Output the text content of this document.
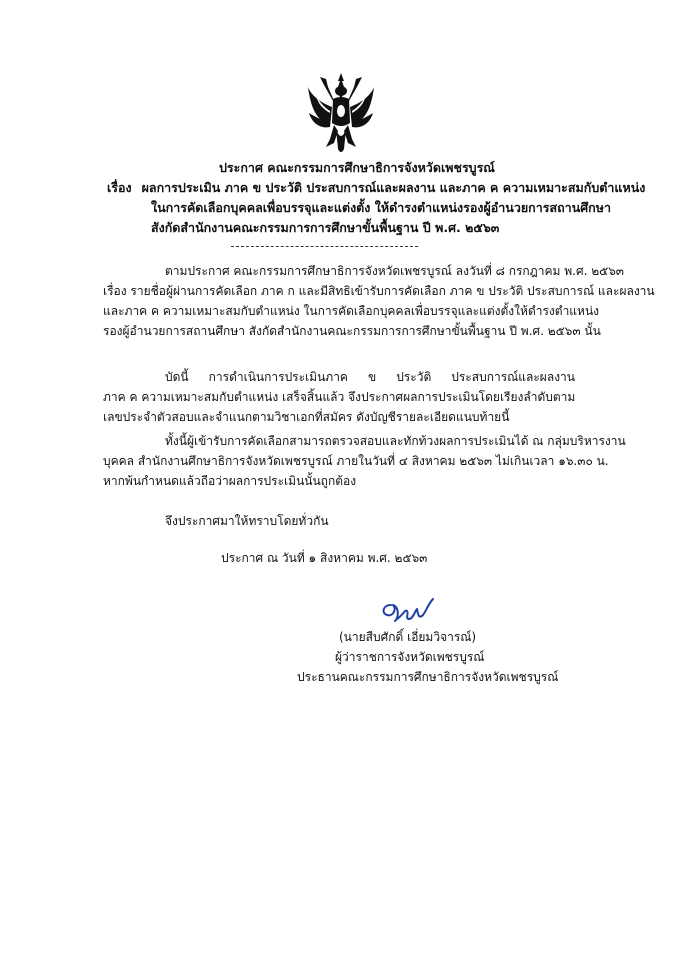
ประกาศ คณะกรรมการศึกษาธิการจังหวัดเพชรบูรณ์
เรื่อง ผลการประเมิน ภาค ข ประวัติ ประสบการณ์และผลงาน และภาค ค ความเหมาะสมกับตำแหน่ง
ในการคัดเลือกบุคคลเพื่อบรรจุและแต่งตั้ง ให้ดำรงตำแหน่งรองผู้อำนวยการสถานศึกษา
สังกัดสำนักงานคณะกรรมการการศึกษาขั้นพื้นฐาน ปี พ.ศ. ๒๕๖๓
ตามประกาศ คณะกรรมการศึกษาธิการจังหวัดเพชรบูรณ์ ลงวันที่ ๘ กรกฎาคม พ.ศ. ๒๕๖๓
เรื่อง รายชื่อผู้ผ่านการคัดเลือก ภาค ก และมีสิทธิเข้ารับการคัดเลือก ภาค ข ประวัติ ประสบการณ์ และผลงาน
และภาค ค ความเหมาะสมกับตำแหน่ง ในการคัดเลือกบุคคลเพื่อบรรจุและแต่งตั้งให้ดำรงตำแหน่ง
รองผู้อำนวยการสถานศึกษา สังกัดสำนักงานคณะกรรมการการศึกษาขั้นพื้นฐาน ปี พ.ศ. ๒๕๖๓ นั้น
บัดนี้ การดำเนินการประเมินภาค ข ประวัติ ประสบการณ์และผลงาน
ภาค ค ความเหมาะสมกับตำแหน่ง เสร็จสิ้นแล้ว จึงประกาศผลการประเมินโดยเรียงลำดับตาม
เลขประจำตัวสอบและจำแนกตามวิชาเอกที่สมัคร ดังบัญชีรายละเอียดแนบท้ายนี้
ทั้งนี้ผู้เข้ารับการคัดเลือกสามารถตรวจสอบและทักท้วงผลการประเมินได้ ณ กลุ่มบริหารงาน
บุคคล สำนักงานศึกษาธิการจังหวัดเพชรบูรณ์ ภายในวันที่ ๔ สิงหาคม ๒๕๖๓ ไม่เกินเวลา ๑๖.๓๐ น.
หากพ้นกำหนดแล้วถือว่าผลการประเมินนั้นถูกต้อง
จึงประกาศมาให้ทราบโดยทั่วกัน
ประกาศ ณ วันที่ ๑ สิงหาคม พ.ศ. ๒๕๖๓
(นายสืบศักดิ์ เอี่ยมวิจารณ์)
ผู้ว่าราชการจังหวัดเพชรบูรณ์
ประธานคณะกรรมการศึกษาธิการจังหวัดเพชรบูรณ์
